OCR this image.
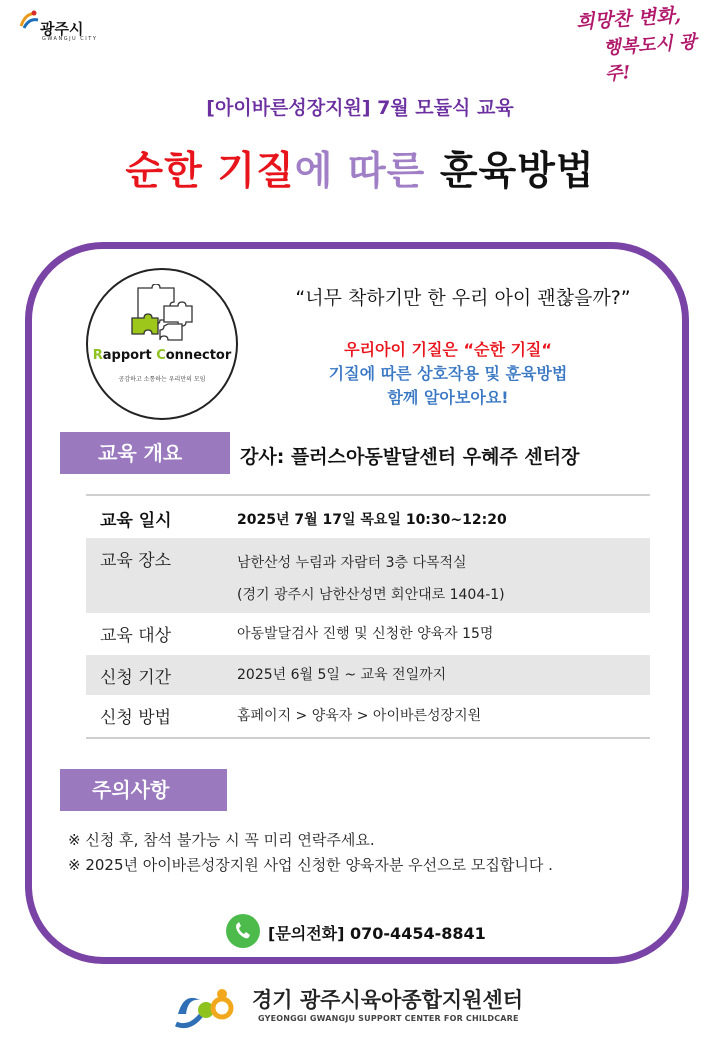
광주시
GWANGJU CITY
희망찬 변화,
행복도시 광주!
[아이바른성장지원] 7월 모듈식 교육
순한 기질에 따른 훈육방법
Rapport Connector
공감하고 소통하는 우리만의 모임
“너무 착하기만 한 우리 아이 괜찮을까?”
우리아이 기질은 “순한 기질“
기질에 따른 상호작용 및 훈육방법
함께 알아보아요!
교육 개요	강사: 플러스아동발달센터 우혜주 센터장
교육 일시	2025년 7월 17일 목요일 10:30~12:20
교육 장소	남한산성 누림과 자람터 3층 다목적실
(경기 광주시 남한산성면 회안대로 1404-1)
교육 대상	아동발달검사 진행 및 신청한 양육자 15명
신청 기간	2025년 6월 5일 ~ 교육 전일까지
신청 방법	홈페이지 > 양육자 > 아이바른성장지원
주의사항
※ 신청 후, 참석 불가능 시 꼭 미리 연락주세요.
※ 2025년 아이바른성장지원 사업 신청한 양육자분 우선으로 모집합니다 .
[문의전화] 070-4454-8841
경기 광주시육아종합지원센터
GYEONGGI GWANGJU SUPPORT CENTER FOR CHILDCARE
